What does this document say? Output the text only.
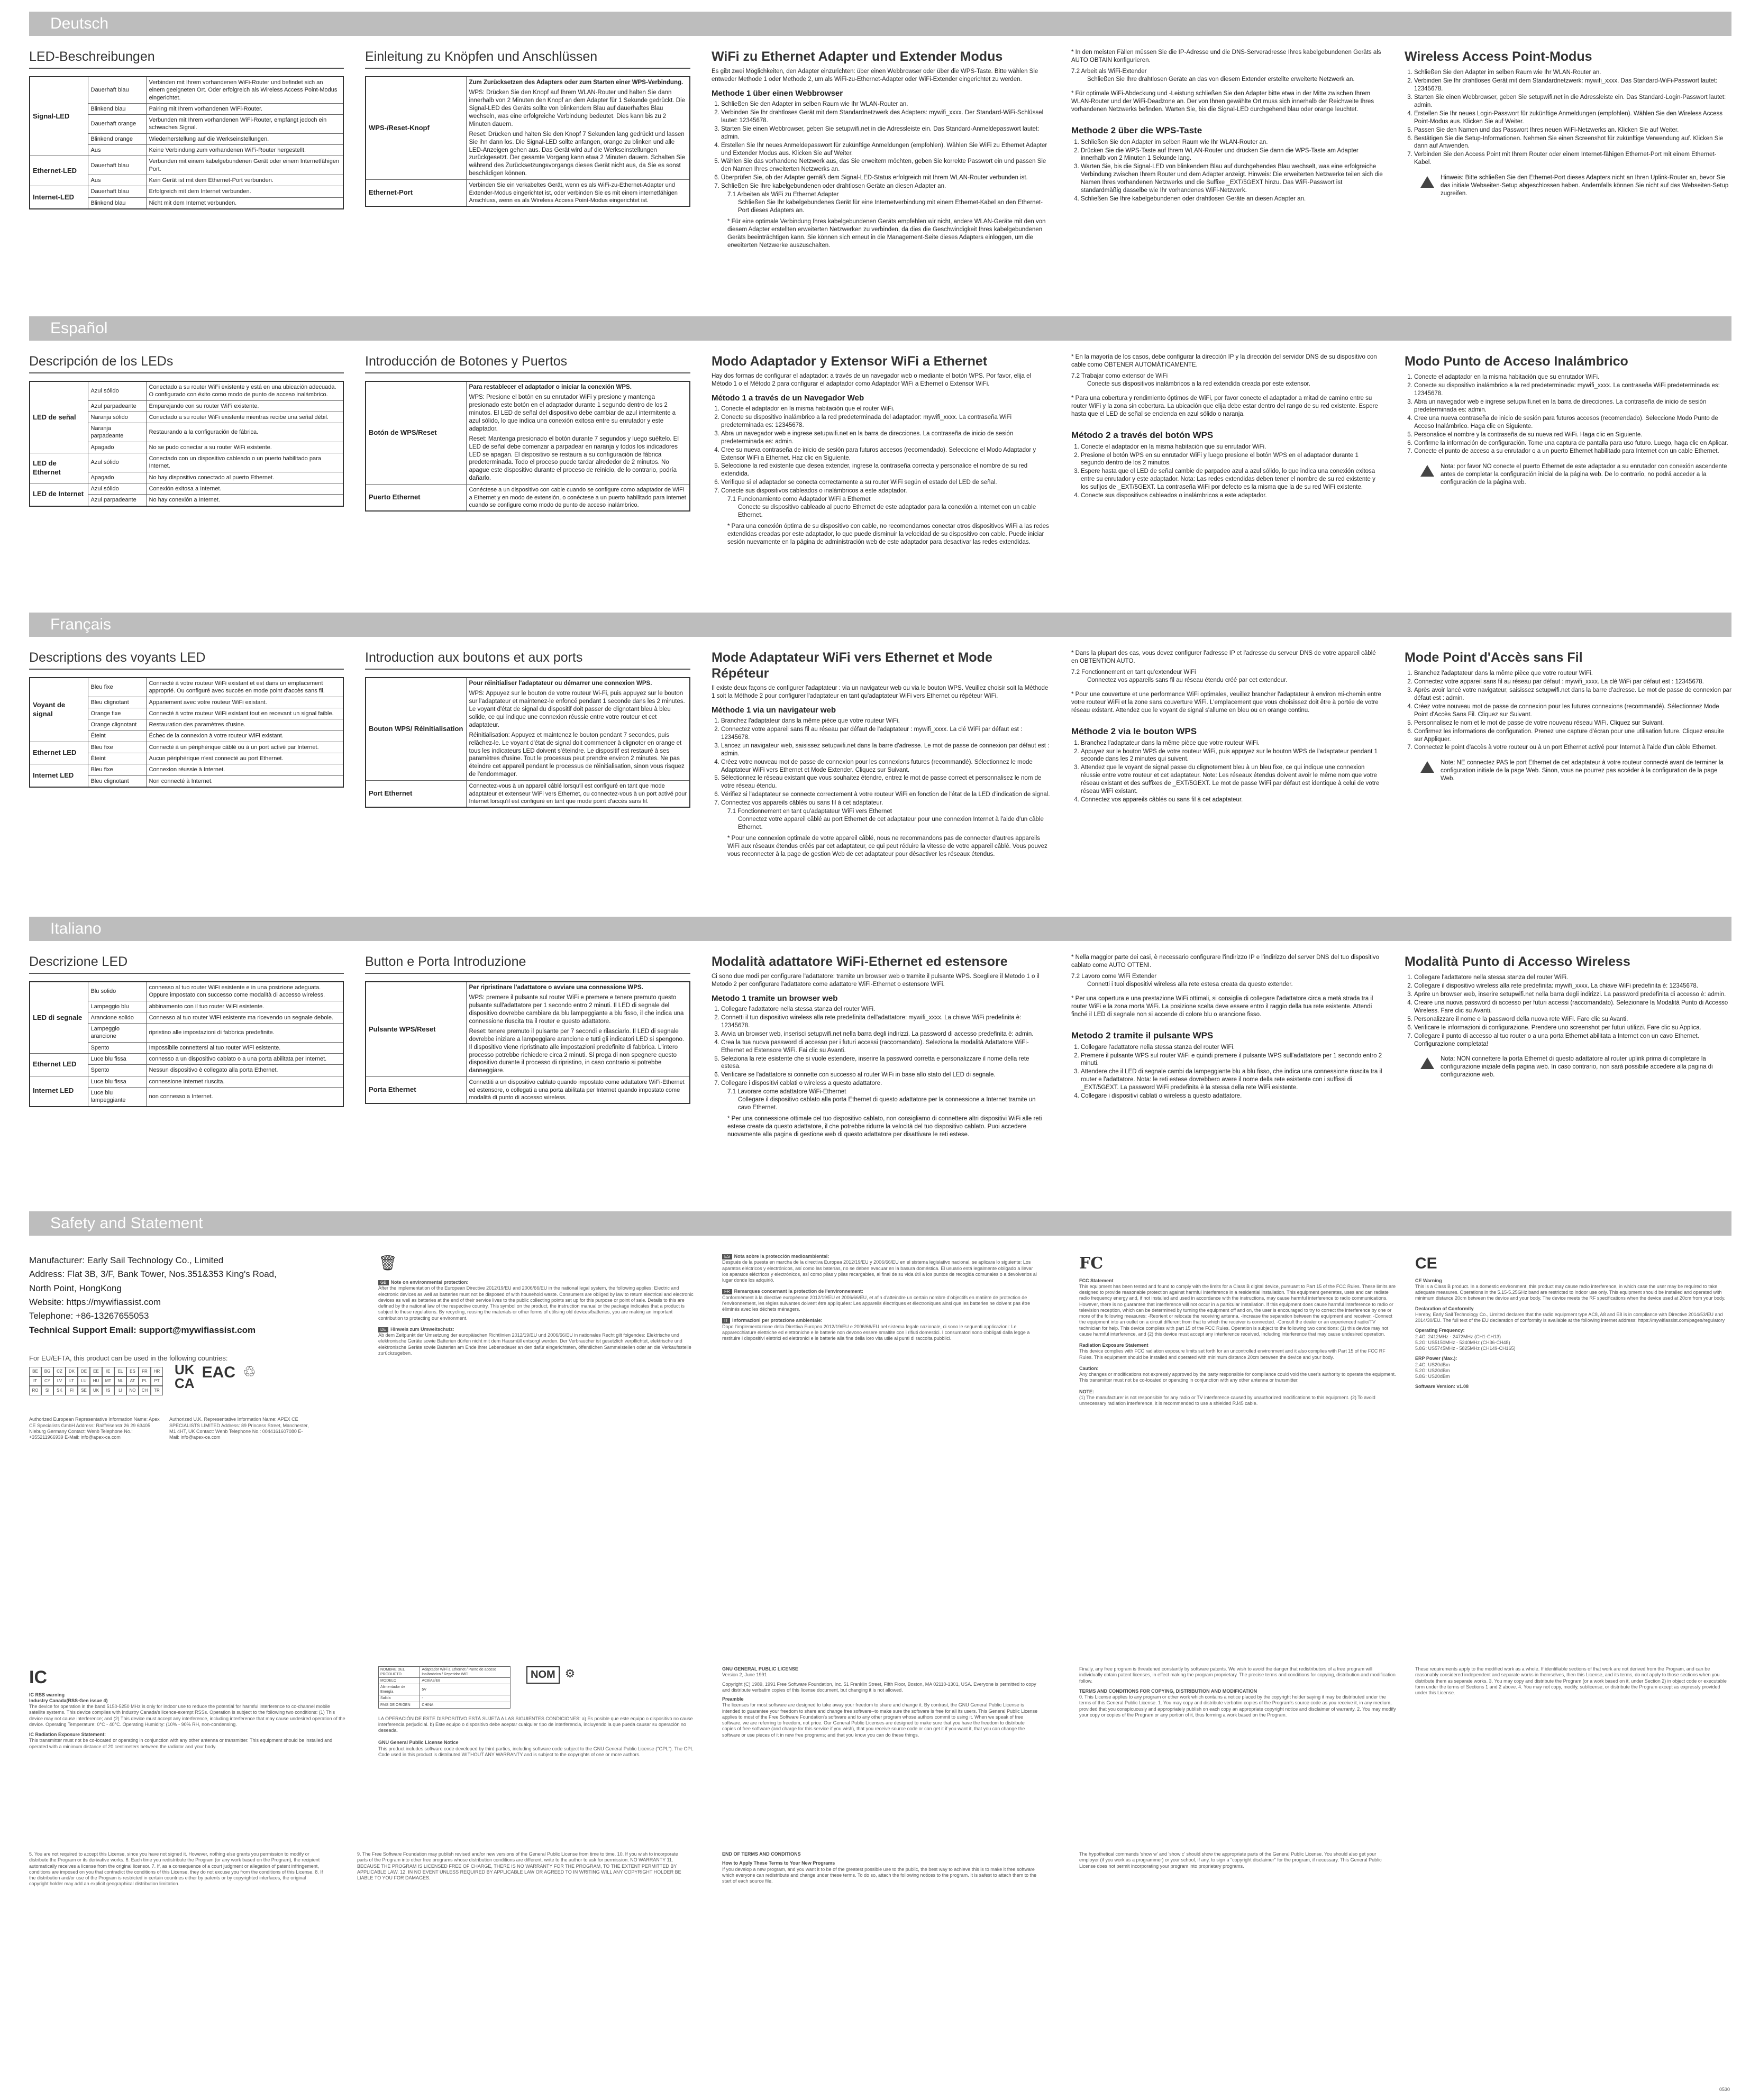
Deutsch
LED-Beschreibungen
Signal-LED	Dauerhaft blau	Verbinden mit Ihrem vorhandenen WiFi-Router und befindet sich an einem geeigneten Ort. Oder erfolgreich als Wireless Access Point-Modus eingerichtet.
	Blinkend blau	Pairing mit Ihrem vorhandenen WiFi-Router.
	Dauerhaft orange	Verbunden mit Ihrem vorhandenen WiFi-Router, empfängt jedoch ein schwaches Signal.
	Blinkend orange	Wiederherstellung auf die Werkseinstellungen.
	Aus	Keine Verbindung zum vorhandenen WiFi-Router hergestellt.
Ethernet-LED	Dauerhaft blau	Verbunden mit einem kabelgebundenen Gerät oder einem Internetfähigen Port.
	Aus	Kein Gerät ist mit dem Ethernet-Port verbunden.
Internet-LED	Dauerhaft blau	Erfolgreich mit dem Internet verbunden.
	Blinkend blau	Nicht mit dem Internet verbunden.
Einleitung zu Knöpfen und Anschlüssen
WPS-/Reset-Knopf	Zum Zurücksetzen des Adapters oder zum Starten einer WPS-Verbindung.

WPS: Drücken Sie den Knopf auf Ihrem WLAN-Router und halten Sie dann innerhalb von 2 Minuten den Knopf an dem Adapter für 1 Sekunde gedrückt. Die Signal-LED des Geräts sollte von blinkendem Blau auf dauerhaftes Blau wechseln, was eine erfolgreiche Verbindung bedeutet. Dies kann bis zu 2 Minuten dauern.

Reset: Drücken und halten Sie den Knopf 7 Sekunden lang gedrückt und lassen Sie ihn dann los. Die Signal-LED sollte anfangen, orange zu blinken und alle LED-Anzeigen gehen aus. Das Gerät wird auf die Werkseinstellungen zurückgesetzt. Der gesamte Vorgang kann etwa 2 Minuten dauern. Schalten Sie während des Zurücksetzungsvorgangs dieses Gerät nicht aus, da Sie es sonst beschädigen können.

Ethernet-Port	Verbinden Sie ein verkabeltes Gerät, wenn es als WiFi-zu-Ethernet-Adapter und Extender-Modus eingerichtet ist, oder verbinden Sie es mit einem internetfähigen Anschluss, wenn es als Wireless Access Point-Modus eingerichtet ist.
WiFi zu Ethernet Adapter und Extender Modus

Es gibt zwei Möglichkeiten, den Adapter einzurichten: über einen Webbrowser oder über die WPS-Taste. Bitte wählen Sie entweder Methode 1 oder Methode 2, um als WiFi-zu-Ethernet-Adapter oder WiFi-Extender eingerichtet zu werden.

Methode 1 über einen Webbrowser
1. Schließen Sie den Adapter im selben Raum wie Ihr WLAN-Router an.
2. Verbinden Sie Ihr drahtloses Gerät mit dem Standardnetzwerk des Adapters: mywifi_xxxx. Der Standard-WiFi-Schlüssel lautet: 12345678.
3. Starten Sie einen Webbrowser, geben Sie setupwifi.net in die Adressleiste ein. Das Standard-Anmeldepasswort lautet: admin.
4. Erstellen Sie Ihr neues Anmeldepasswort für zukünftige Anmeldungen (empfohlen). Wählen Sie WiFi zu Ethernet Adapter und Extender Modus aus. Klicken Sie auf Weiter.
5. Wählen Sie das vorhandene Netzwerk aus, das Sie erweitern möchten, geben Sie korrekte Passwort ein und passen Sie den Namen Ihres erweiterten Netzwerks an.
6. Überprüfen Sie, ob der Adapter gemäß dem Signal-LED-Status erfolgreich mit Ihrem WLAN-Router verbunden ist.
7. Schließen Sie Ihre kabelgebundenen oder drahtlosen Geräte an diesen Adapter an.

7.1 Arbeiten als WiFi zu Ethernet Adapter

Schließen Sie Ihr kabelgebundenes Gerät für eine Internetverbindung mit einem Ethernet-Kabel an den Ethernet-Port dieses Adapters an.

* Für eine optimale Verbindung Ihres kabelgebundenen Geräts empfehlen wir nicht, andere WLAN-Geräte mit den von diesem Adapter erstellten erweiterten Netzwerken zu verbinden, da dies die Geschwindigkeit Ihres kabelgebundenen Geräts beeinträchtigen kann. Sie können sich erneut in die Management-Seite dieses Adapters einloggen, um die erweiterten Netzwerke auszuschalten.

* In den meisten Fällen müssen Sie die IP-Adresse und die DNS-Serveradresse Ihres kabelgebundenen Geräts als AUTO OBTAIN konfigurieren.

7.2 Arbeit als WiFi-Extender

Schließen Sie Ihre drahtlosen Geräte an das von diesem Extender erstellte erweiterte Netzwerk an.

* Für optimale WiFi-Abdeckung und -Leistung schließen Sie den Adapter bitte etwa in der Mitte zwischen Ihrem WLAN-Router und der WiFi-Deadzone an. Der von Ihnen gewählte Ort muss sich innerhalb der Reichweite Ihres vorhandenen Netzwerks befinden. Warten Sie, bis die Signal-LED durchgehend blau oder orange leuchtet.

Methode 2 über die WPS-Taste
1. Schließen Sie den Adapter im selben Raum wie Ihr WLAN-Router an.
2. Drücken Sie die WPS-Taste auf Ihrem WLAN-Router und drücken Sie dann die WPS-Taste am Adapter innerhalb von 2 Minuten 1 Sekunde lang.
3. Warten Sie, bis die Signal-LED von blinkendem Blau auf durchgehendes Blau wechselt, was eine erfolgreiche Verbindung zwischen Ihrem Router und dem Adapter anzeigt. Hinweis: Die erweiterten Netzwerke teilen sich die Namen Ihres vorhandenen Netzwerks und die Suffixe _EXT/5GEXT hinzu. Das WiFi-Passwort ist standardmäßig dasselbe wie Ihr vorhandenes WiFi-Netzwerk.
4. Schließen Sie Ihre kabelgebundenen oder drahtlosen Geräte an diesen Adapter an.
Wireless Access Point-Modus
1. Schließen Sie den Adapter im selben Raum wie Ihr WLAN-Router an.
2. Verbinden Sie Ihr drahtloses Gerät mit dem Standardnetzwerk: mywifi_xxxx. Das Standard-WiFi-Passwort lautet: 12345678.
3. Starten Sie einen Webbrowser, geben Sie setupwifi.net in die Adressleiste ein. Das Standard-Login-Passwort lautet: admin.
4. Erstellen Sie Ihr neues Login-Passwort für zukünftige Anmeldungen (empfohlen). Wählen Sie den Wireless Access Point-Modus aus. Klicken Sie auf Weiter.
5. Passen Sie den Namen und das Passwort Ihres neuen WiFi-Netzwerks an. Klicken Sie auf Weiter.
6. Bestätigen Sie die Setup-Informationen. Nehmen Sie einen Screenshot für zukünftige Verwendung auf. Klicken Sie dann auf Anwenden.
7. Verbinden Sie den Access Point mit Ihrem Router oder einem Internet-fähigen Ethernet-Port mit einem Ethernet-Kabel.

Hinweis: Bitte schließen Sie den Ethernet-Port dieses Adapters nicht an Ihren Uplink-Router an, bevor Sie das initiale Webseiten-Setup abgeschlossen haben. Andernfalls können Sie nicht auf das Webseiten-Setup zugreifen.

Español
Descripción de los LEDs
LED de señal	Azul sólido	Conectado a su router WiFi existente y está en una ubicación adecuada. O configurado con éxito como modo de punto de acceso inalámbrico.
	Azul parpadeante	Emparejando con su router WiFi existente.
	Naranja sólido	Conectado a su router WiFi existente mientras recibe una señal débil.
	Naranja parpadeante	Restaurando a la configuración de fábrica.
	Apagado	No se pudo conectar a su router WiFi existente.
LED de Ethernet	Azul sólido	Conectado con un dispositivo cableado o un puerto habilitado para Internet.
	Apagado	No hay dispositivo conectado al puerto Ethernet.
LED de Internet	Azul sólido	Conexión exitosa a Internet.
	Azul parpadeante	No hay conexión a Internet.
Introducción de Botones y Puertos
Botón de WPS/Reset	Para restablecer el adaptador o iniciar la conexión WPS.

WPS: Presione el botón en su enrutador WiFi y presione y mantenga presionado este botón en el adaptador durante 1 segundo dentro de los 2 minutos. El LED de señal del dispositivo debe cambiar de azul intermitente a azul sólido, lo que indica una conexión exitosa entre su enrutador y este adaptador.

Reset: Mantenga presionado el botón durante 7 segundos y luego suéltelo. El LED de señal debe comenzar a parpadear en naranja y todos los indicadores LED se apagan. El dispositivo se restaura a su configuración de fábrica predeterminada. Todo el proceso puede tardar alrededor de 2 minutos. No apague este dispositivo durante el proceso de reinicio, de lo contrario, podría dañarlo.

Puerto Ethernet	Conéctese a un dispositivo con cable cuando se configure como adaptador de WiFi a Ethernet y en modo de extensión, o conéctese a un puerto habilitado para Internet cuando se configure como modo de punto de acceso inalámbrico.
Modo Adaptador y Extensor WiFi a Ethernet

Hay dos formas de configurar el adaptador: a través de un navegador web o mediante el botón WPS. Por favor, elija el Método 1 o el Método 2 para configurar el adaptador como Adaptador WiFi a Ethernet o Extensor WiFi.

Método 1 a través de un Navegador Web
1. Conecte el adaptador en la misma habitación que el router WiFi.
2. Conecte su dispositivo inalámbrico a la red predeterminada del adaptador: mywifi_xxxx. La contraseña WiFi predeterminada es: 12345678.
3. Abra un navegador web e ingrese setupwifi.net en la barra de direcciones. La contraseña de inicio de sesión predeterminada es: admin.
4. Cree su nueva contraseña de inicio de sesión para futuros accesos (recomendado). Seleccione el Modo Adaptador y Extensor WiFi a Ethernet. Haz clic en Siguiente.
5. Seleccione la red existente que desea extender, ingrese la contraseña correcta y personalice el nombre de su red extendida.
6. Verifique si el adaptador se conecta correctamente a su router WiFi según el estado del LED de señal.
7. Conecte sus dispositivos cableados o inalámbricos a este adaptador.

7.1 Funcionamiento como Adaptador WiFi a Ethernet

Conecte su dispositivo cableado al puerto Ethernet de este adaptador para la conexión a Internet con un cable Ethernet.

* Para una conexión óptima de su dispositivo con cable, no recomendamos conectar otros dispositivos WiFi a las redes extendidas creadas por este adaptador, lo que puede disminuir la velocidad de su dispositivo con cable. Puede iniciar sesión nuevamente en la página de administración web de este adaptador para desactivar las redes extendidas.

* En la mayoría de los casos, debe configurar la dirección IP y la dirección del servidor DNS de su dispositivo con cable como OBTENER AUTOMÁTICAMENTE.

7.2 Trabajar como extensor de WiFi

Conecte sus dispositivos inalámbricos a la red extendida creada por este extensor.

* Para una cobertura y rendimiento óptimos de WiFi, por favor conecte el adaptador a mitad de camino entre su router WiFi y la zona sin cobertura. La ubicación que elija debe estar dentro del rango de su red existente. Espere hasta que el LED de señal se encienda en azul sólido o naranja.

Método 2 a través del botón WPS
1. Conecte el adaptador en la misma habitación que su enrutador WiFi.
2. Presione el botón WPS en su enrutador WiFi y luego presione el botón WPS en el adaptador durante 1 segundo dentro de los 2 minutos.
3. Espere hasta que el LED de señal cambie de parpadeo azul a azul sólido, lo que indica una conexión exitosa entre su enrutador y este adaptador. Nota: Las redes extendidas deben tener el nombre de su red existente y los sufijos de _EXT/5GEXT. La contraseña WiFi por defecto es la misma que la de su red WiFi existente.
4. Conecte sus dispositivos cableados o inalámbricos a este adaptador.
Modo Punto de Acceso Inalámbrico
1. Conecte el adaptador en la misma habitación que su enrutador WiFi.
2. Conecte su dispositivo inalámbrico a la red predeterminada: mywifi_xxxx. La contraseña WiFi predeterminada es: 12345678.
3. Abra un navegador web e ingrese setupwifi.net en la barra de direcciones. La contraseña de inicio de sesión predeterminada es: admin.
4. Cree una nueva contraseña de inicio de sesión para futuros accesos (recomendado). Seleccione Modo Punto de Acceso Inalámbrico. Haga clic en Siguiente.
5. Personalice el nombre y la contraseña de su nueva red WiFi. Haga clic en Siguiente.
6. Confirme la información de configuración. Tome una captura de pantalla para uso futuro. Luego, haga clic en Aplicar.
7. Conecte el punto de acceso a su enrutador o a un puerto Ethernet habilitado para Internet con un cable Ethernet.

Nota: por favor NO conecte el puerto Ethernet de este adaptador a su enrutador con conexión ascendente antes de completar la configuración inicial de la página web. De lo contrario, no podrá acceder a la configuración de la página web.

Français
Descriptions des voyants LED
Voyant de signal	Bleu fixe	Connecté à votre routeur WiFi existant et est dans un emplacement approprié. Ou configuré avec succès en mode point d'accès sans fil.
	Bleu clignotant	Appariement avec votre routeur WiFi existant.
	Orange fixe	Connecté à votre routeur WiFi existant tout en recevant un signal faible.
	Orange clignotant	Restauration des paramètres d'usine.
	Éteint	Échec de la connexion à votre routeur WiFi existant.
Ethernet LED	Bleu fixe	Connecté à un périphérique câblé ou à un port activé par Internet.
	Éteint	Aucun périphérique n'est connecté au port Ethernet.
Internet LED	Bleu fixe	Connexion réussie à Internet.
	Bleu clignotant	Non connecté à Internet.
Introduction aux boutons et aux ports
Bouton WPS/ Réinitialisation	Pour réinitialiser l'adaptateur ou démarrer une connexion WPS.

WPS: Appuyez sur le bouton de votre routeur Wi-Fi, puis appuyez sur le bouton sur l'adaptateur et maintenez-le enfoncé pendant 1 seconde dans les 2 minutes. Le voyant d'état de signal du dispositif doit passer de clignotant bleu à bleu solide, ce qui indique une connexion réussie entre votre routeur et cet adaptateur.

Réinitialisation: Appuyez et maintenez le bouton pendant 7 secondes, puis relâchez-le. Le voyant d'état de signal doit commencer à clignoter en orange et tous les indicateurs LED doivent s'éteindre. Le dispositif est restauré à ses paramètres d'usine. Tout le processus peut prendre environ 2 minutes. Ne pas éteindre cet appareil pendant le processus de réinitialisation, sinon vous risquez de l'endommager.

Port Ethernet	Connectez-vous à un appareil câblé lorsqu'il est configuré en tant que mode adaptateur et extenseur WiFi vers Ethernet, ou connectez-vous à un port activé pour Internet lorsqu'il est configuré en tant que mode point d'accès sans fil.
Mode Adaptateur WiFi vers Ethernet et Mode Répéteur

Il existe deux façons de configurer l'adaptateur : via un navigateur web ou via le bouton WPS. Veuillez choisir soit la Méthode 1 soit la Méthode 2 pour configurer l'adaptateur en tant qu'adaptateur WiFi vers Ethernet ou répéteur WiFi.

Méthode 1 via un navigateur web
1. Branchez l'adaptateur dans la même pièce que votre routeur WiFi.
2. Connectez votre appareil sans fil au réseau par défaut de l'adaptateur : mywifi_xxxx. La clé WiFi par défaut est : 12345678.
3. Lancez un navigateur web, saisissez setupwifi.net dans la barre d'adresse. Le mot de passe de connexion par défaut est : admin.
4. Créez votre nouveau mot de passe de connexion pour les connexions futures (recommandé). Sélectionnez le mode Adaptateur WiFi vers Ethernet et Mode Extender. Cliquez sur Suivant.
5. Sélectionnez le réseau existant que vous souhaitez étendre, entrez le mot de passe correct et personnalisez le nom de votre réseau étendu.
6. Vérifiez si l'adaptateur se connecte correctement à votre routeur WiFi en fonction de l'état de la LED d'indication de signal.
7. Connectez vos appareils câblés ou sans fil à cet adaptateur.

7.1 Fonctionnement en tant qu'adaptateur WiFi vers Ethernet

Connectez votre appareil câblé au port Ethernet de cet adaptateur pour une connexion Internet à l'aide d'un câble Ethernet.

* Pour une connexion optimale de votre appareil câblé, nous ne recommandons pas de connecter d'autres appareils WiFi aux réseaux étendus créés par cet adaptateur, ce qui peut réduire la vitesse de votre appareil câblé. Vous pouvez vous reconnecter à la page de gestion Web de cet adaptateur pour désactiver les réseaux étendus.

* Dans la plupart des cas, vous devez configurer l'adresse IP et l'adresse du serveur DNS de votre appareil câblé en OBTENTION AUTO.

7.2 Fonctionnement en tant qu'extendeur WiFi

Connectez vos appareils sans fil au réseau étendu créé par cet extendeur.

* Pour une couverture et une performance WiFi optimales, veuillez brancher l'adaptateur à environ mi-chemin entre votre routeur WiFi et la zone sans couverture WiFi. L'emplacement que vous choisissez doit être à portée de votre réseau existant. Attendez que le voyant de signal s'allume en bleu ou en orange continu.

Méthode 2 via le bouton WPS
1. Branchez l'adaptateur dans la même pièce que votre routeur WiFi.
2. Appuyez sur le bouton WPS de votre routeur WiFi, puis appuyez sur le bouton WPS de l'adaptateur pendant 1 seconde dans les 2 minutes qui suivent.
3. Attendez que le voyant de signal passe du clignotement bleu à un bleu fixe, ce qui indique une connexion réussie entre votre routeur et cet adaptateur. Note: Les réseaux étendus doivent avoir le même nom que votre réseau existant et des suffixes de _EXT/5GEXT. Le mot de passe WiFi par défaut est identique à celui de votre réseau WiFi existant.
4. Connectez vos appareils câblés ou sans fil à cet adaptateur.
Mode Point d'Accès sans Fil
1. Branchez l'adaptateur dans la même pièce que votre routeur WiFi.
2. Connectez votre appareil sans fil au réseau par défaut : mywifi_xxxx. La clé WiFi par défaut est : 12345678.
3. Après avoir lancé votre navigateur, saisissez setupwifi.net dans la barre d'adresse. Le mot de passe de connexion par défaut est : admin.
4. Créez votre nouveau mot de passe de connexion pour les futures connexions (recommandé). Sélectionnez Mode Point d'Accès Sans Fil. Cliquez sur Suivant.
5. Personnalisez le nom et le mot de passe de votre nouveau réseau WiFi. Cliquez sur Suivant.
6. Confirmez les informations de configuration. Prenez une capture d'écran pour une utilisation future. Cliquez ensuite sur Appliquer.
7. Connectez le point d'accès à votre routeur ou à un port Ethernet activé pour Internet à l'aide d'un câble Ethernet.

Note: NE connectez PAS le port Ethernet de cet adaptateur à votre routeur connecté avant de terminer la configuration initiale de la page Web. Sinon, vous ne pourrez pas accéder à la configuration de la page Web.

Italiano
Descrizione LED
LED di segnale	Blu solido	connesso al tuo router WiFi esistente e in una posizione adeguata. Oppure impostato con successo come modalità di accesso wireless.
	Lampeggio blu	abbinamento con il tuo router WiFi esistente.
	Arancione solido	Connesso al tuo router WiFi esistente ma ricevendo un segnale debole.
	Lampeggio arancione	ripristino alle impostazioni di fabbrica predefinite.
	Spento	Impossibile connettersi al tuo router WiFi esistente.
Ethernet LED	Luce blu fissa	connesso a un dispositivo cablato o a una porta abilitata per Internet.
	Spento	Nessun dispositivo è collegato alla porta Ethernet.
Internet LED	Luce blu fissa	connessione Internet riuscita.
	Luce blu lampeggiante	non connesso a Internet.
Button e Porta Introduzione
Pulsante WPS/Reset	Per ripristinare l'adattatore o avviare una connessione WPS.

WPS: premere il pulsante sul router WiFi e premere e tenere premuto questo pulsante sull'adattatore per 1 secondo entro 2 minuti. Il LED di segnale del dispositivo dovrebbe cambiare da blu lampeggiante a blu fisso, il che indica una connessione riuscita tra il router e questo adattatore.

Reset: tenere premuto il pulsante per 7 secondi e rilasciarlo. Il LED di segnale dovrebbe iniziare a lampeggiare arancione e tutti gli indicatori LED si spengono. Il dispositivo viene ripristinato alle impostazioni predefinite di fabbrica. L'intero processo potrebbe richiedere circa 2 minuti. Si prega di non spegnere questo dispositivo durante il processo di ripristino, in caso contrario si potrebbe danneggiare.

Porta Ethernet	Connettiti a un dispositivo cablato quando impostato come adattatore WiFi-Ethernet ed estensore, o collegati a una porta abilitata per Internet quando impostato come modalità di punto di accesso wireless.
Modalità adattatore WiFi-Ethernet ed estensore

Ci sono due modi per configurare l'adattatore: tramite un browser web o tramite il pulsante WPS. Scegliere il Metodo 1 o il Metodo 2 per configurare l'adattatore come adattatore WiFi-Ethernet o estensore WiFi.

Metodo 1 tramite un browser web
1. Collegare l'adattatore nella stessa stanza del router WiFi.
2. Connetti il tuo dispositivo wireless alla rete predefinita dell'adattatore: mywifi_xxxx. La chiave WiFi predefinita è: 12345678.
3. Avvia un browser web, inserisci setupwifi.net nella barra degli indirizzi. La password di accesso predefinita è: admin.
4. Crea la tua nuova password di accesso per i futuri accessi (raccomandato). Seleziona la modalità Adattatore WiFi-Ethernet ed Estensore WiFi. Fai clic su Avanti.
5. Seleziona la rete esistente che si vuole estendere, inserire la password corretta e personalizzare il nome della rete estesa.
6. Verificare se l'adattatore si connette con successo al router WiFi in base allo stato del LED di segnale.
7. Collegare i dispositivi cablati o wireless a questo adattatore.

7.1 Lavorare come adattatore WiFi-Ethernet

Collegare il dispositivo cablato alla porta Ethernet di questo adattatore per la connessione a Internet tramite un cavo Ethernet.

* Per una connessione ottimale del tuo dispositivo cablato, non consigliamo di connettere altri dispositivi WiFi alle reti estese create da questo adattatore, il che potrebbe ridurre la velocità del tuo dispositivo cablato. Puoi accedere nuovamente alla pagina di gestione web di questo adattatore per disattivare le reti estese.

* Nella maggior parte dei casi, è necessario configurare l'indirizzo IP e l'indirizzo del server DNS del tuo dispositivo cablato come AUTO OTTENI.

7.2 Lavoro come WiFi Extender

Connetti i tuoi dispositivi wireless alla rete estesa creata da questo extender.

* Per una copertura e una prestazione WiFi ottimali, si consiglia di collegare l'adattatore circa a metà strada tra il router WiFi e la zona morta WiFi. La posizione scelta deve essere entro il raggio della tua rete esistente. Attendi finché il LED di segnale non si accende di colore blu o arancione fisso.

Metodo 2 tramite il pulsante WPS
1. Collegare l'adattatore nella stessa stanza del router WiFi.
2. Premere il pulsante WPS sul router WiFi e quindi premere il pulsante WPS sull'adattatore per 1 secondo entro 2 minuti.
3. Attendere che il LED di segnale cambi da lampeggiante blu a blu fisso, che indica una connessione riuscita tra il router e l'adattatore. Nota: le reti estese dovrebbero avere il nome della rete esistente con i suffissi di _EXT/5GEXT. La password WiFi predefinita è la stessa della rete WiFi esistente.
4. Collegare i dispositivi cablati o wireless a questo adattatore.
Modalità Punto di Accesso Wireless
1. Collegare l'adattatore nella stessa stanza del router WiFi.
2. Collegare il dispositivo wireless alla rete predefinita: mywifi_xxxx. La chiave WiFi predefinita è: 12345678.
3. Aprire un browser web, inserire setupwifi.net nella barra degli indirizzi. La password predefinita di accesso è: admin.
4. Creare una nuova password di accesso per futuri accessi (raccomandato). Selezionare la Modalità Punto di Accesso Wireless. Fare clic su Avanti.
5. Personalizzare il nome e la password della nuova rete WiFi. Fare clic su Avanti.
6. Verificare le informazioni di configurazione. Prendere uno screenshot per futuri utilizzi. Fare clic su Applica.
7. Collegare il punto di accesso al tuo router o a una porta Ethernet abilitata a Internet con un cavo Ethernet. Configurazione completata!

Nota: NON connettere la porta Ethernet di questo adattatore al router uplink prima di completare la configurazione iniziale della pagina web. In caso contrario, non sarà possibile accedere alla pagina di configurazione web.

Safety and Statement

Manufacturer: Early Sail Technology Co., Limited

Address: Flat 3B, 3/F, Bank Tower, Nos.351&353 King's Road,

North Point, HongKong

Website: https://mywifiassist.com

Telephone: +86-13267655053

Technical Support Email: support@mywifiassist.com

For EU/EFTA, this product can be used in the following countries:

BE	BG	CZ	DK	DE	EE	IE	EL	ES	FR	HR
IT	CY	LV	LT	LU	HU	MT	NL	AT	PL	PT
RO	SI	SK	FI	SE	UK	IS	LI	NO	CH	TR
UK
CA
EAC ♲

Authorized European Representative Information Name: Apex CE Specialists GmbH Address: Raiffeisenstr 26 29 63405 Nieburg Germany Contact: Wenb Telephone No.: +355211966939 E-Mail: info@apex-ce.com

Authorized U.K. Representative Information Name: APEX CE SPECIALISTS LIMITED Address: 89 Princess Street, Manchester, M1 4HT, UK Contact: Wenb Telephone No.: 0044161607080 E-Mail: info@apex-ce.com

🗑

GB Note on environmental protection:

After the implementation of the European Directive 2012/19/EU and 2006/66/EU in the national legal system, the following applies: Electric and electronic devices as well as batteries must not be disposed of with household waste. Consumers are obliged by law to return electrical and electronic devices as well as batteries at the end of their service lives to the public collecting points set up for this purpose or point of sale. Details to this are defined by the national law of the respective country. This symbol on the product, the instruction manual or the package indicates that a product is subject to these regulations. By recycling, reusing the materials or other forms of utilising old devices/batteries, you are making an important contribution to protecting our environment.

DE Hinweis zum Umweltschutz:

Ab dem Zeitpunkt der Umsetzung der europäischen Richtlinien 2012/19/EU und 2006/66/EU in nationales Recht gilt folgendes: Elektrische und elektronische Geräte sowie Batterien dürfen nicht mit dem Hausmüll entsorgt werden. Der Verbraucher ist gesetzlich verpflichtet, elektrische und elektronische Geräte sowie Batterien am Ende ihrer Lebensdauer an den dafür eingerichteten, öffentlichen Sammelstellen oder an die Verkaufsstelle zurückzugeben.

ES Nota sobre la protección medioambiental:

Después de la puesta en marcha de la directiva Europea 2012/19/EU y 2006/66/EU en el sistema legislativo nacional, se aplicara lo siguiente: Los aparatos eléctricos y electrónicos, así como las baterías, no se deben evacuar en la basura doméstica. El usuario está legalmente obligado a llevar los aparatos eléctricos y electrónicos, así como pilas y pilas recargables, al final de su vida útil a los puntos de recogida comunales o a devolverlos al lugar donde los adquirió.

FR Remarques concernant la protection de l'environnement:

Conformément à la directive européenne 2012/19/EU et 2006/66/EU, et afin d'atteindre un certain nombre d'objectifs en matière de protection de l'environnement, les règles suivantes doivent être appliquées: Les appareils électriques et électroniques ainsi que les batteries ne doivent pas être éliminés avec les déchets ménagers.

IT Informazioni per protezione ambientale:

Dopo l'implementazione della Direttiva Europea 2012/19/EU e 2006/66/EU nel sistema legale nazionale, ci sono le seguenti applicazioni: Le apparecchiature elettriche ed elettroniche e le batterie non devono essere smaltite con i rifiuti domestici. I consumatori sono obbligati dalla legge a restituire i dispositivi elettrici ed elettronici e le batterie alla fine della loro vita utile ai punti di raccolta pubblici.

FC

FCC Statement

This equipment has been tested and found to comply with the limits for a Class B digital device, pursuant to Part 15 of the FCC Rules. These limits are designed to provide reasonable protection against harmful interference in a residential installation. This equipment generates, uses and can radiate radio frequency energy and, if not installed and used in accordance with the instructions, may cause harmful interference to radio communications. However, there is no guarantee that interference will not occur in a particular installation. If this equipment does cause harmful interference to radio or television reception, which can be determined by turning the equipment off and on, the user is encouraged to try to correct the interference by one or more of the following measures: -Reorient or relocate the receiving antenna. -Increase the separation between the equipment and receiver. -Connect the equipment into an outlet on a circuit different from that to which the receiver is connected. -Consult the dealer or an experienced radio/TV technician for help. This device complies with part 15 of the FCC Rules. Operation is subject to the following two conditions: (1) this device may not cause harmful interference, and (2) this device must accept any interference received, including interference that may cause undesired operation.

Radiation Exposure Statement

This device complies with FCC radiation exposure limits set forth for an uncontrolled environment and it also complies with Part 15 of the FCC RF Rules. This equipment should be installed and operated with minimum distance 20cm between the device and your body.

Caution:

Any changes or modifications not expressly approved by the party responsible for compliance could void the user's authority to operate the equipment. This transmitter must not be co-located or operating in conjunction with any other antenna or transmitter.

NOTE:

(1) The manufacturer is not responsible for any radio or TV interference caused by unauthorized modifications to this equipment. (2) To avoid unnecessary radiation interference, it is recommended to use a shielded RJ45 cable.

CE

CE Warning

This is a Class B product. In a domestic environment, this product may cause radio interference, in which case the user may be required to take adequate measures. Operations in the 5.15-5.25GHz band are restricted to indoor use only. This equipment should be installed and operated with minimum distance 20cm between the device and your body. The device meets the RF specifications when the device used at 20cm from your body.

Declaration of Conformity

Hereby, Early Sail Technology Co., Limited declares that the radio equipment type AC8, A8 and E8 is in compliance with Directive 2014/53/EU and 2014/30/EU. The full text of the EU declaration of conformity is available at the following internet address: https://mywifiassist.com/pages/regulatory

Operating Frequency:

2.4G: 2412MHz - 2472MHz (CH1-CH13)

5.2G: US5150MHz - 5240MHz (CH36-CH48)

5.8G: US5745MHz - 5825MHz (CH149-CH165)

ERP Power (Max.):

2.4G: US20dBm

5.2G: US20dBm

5.8G: US20dBm

Software Version: v1.08

IC

IC RSS warning

Industry Canada(RSS-Gen issue 4)

The device for operation in the band 5150-5250 MHz is only for indoor use to reduce the potential for harmful interference to co-channel mobile satellite systems. This device complies with Industry Canada's licence-exempt RSSs. Operation is subject to the following two conditions: (1) This device may not cause interference; and (2) This device must accept any interference, including interference that may cause undesired operation of the device. Operating Temperature: 0°C - 40°C. Operating Humidity: (10% - 90% RH, non-condensing.

IC Radiation Exposure Statement:

This transmitter must not be co-located or operating in conjunction with any other antenna or transmitter. This equipment should be installed and operated with a minimum distance of 20 centimeters between the radiator and your body.

NOMBRE DEL PRODUCTO	Adaptador WiFi a Ethernet / Punto de acceso inalámbrico / Repetidor WiFi
MODELO	AC8/A8/E8
Alimentador de Energía	5V
Salida	-
PAIS DE ORIGEN	CHINA
NOM ⚙

LA OPERACIÓN DE ESTE DISPOSITIVO ESTÁ SUJETA A LAS SIGUIENTES CONDICIONES: a) Es posible que este equipo o dispositivo no cause interferencia perjudicial. b) Este equipo o dispositivo debe aceptar cualquier tipo de interferencia, incluyendo la que pueda causar su operación no deseada.

GNU General Public License Notice

This product includes software code developed by third parties, including software code subject to the GNU General Public License ("GPL"). The GPL Code used in this product is distributed WITHOUT ANY WARRANTY and is subject to the copyrights of one or more authors.

GNU GENERAL PUBLIC LICENSE

Version 2, June 1991

Copyright (C) 1989, 1991 Free Software Foundation, Inc. 51 Franklin Street, Fifth Floor, Boston, MA 02110-1301, USA. Everyone is permitted to copy and distribute verbatim copies of this license document, but changing it is not allowed.

Preamble

The licenses for most software are designed to take away your freedom to share and change it. By contrast, the GNU General Public License is intended to guarantee your freedom to share and change free software--to make sure the software is free for all its users. This General Public License applies to most of the Free Software Foundation's software and to any other program whose authors commit to using it. When we speak of free software, we are referring to freedom, not price. Our General Public Licenses are designed to make sure that you have the freedom to distribute copies of free software (and charge for this service if you wish), that you receive source code or can get it if you want it, that you can change the software or use pieces of it in new free programs; and that you know you can do these things.

Finally, any free program is threatened constantly by software patents. We wish to avoid the danger that redistributors of a free program will individually obtain patent licenses, in effect making the program proprietary. The precise terms and conditions for copying, distribution and modification follow.

TERMS AND CONDITIONS FOR COPYING, DISTRIBUTION AND MODIFICATION

0. This License applies to any program or other work which contains a notice placed by the copyright holder saying it may be distributed under the terms of this General Public License. 1. You may copy and distribute verbatim copies of the Program's source code as you receive it, in any medium, provided that you conspicuously and appropriately publish on each copy an appropriate copyright notice and disclaimer of warranty. 2. You may modify your copy or copies of the Program or any portion of it, thus forming a work based on the Program.

These requirements apply to the modified work as a whole. If identifiable sections of that work are not derived from the Program, and can be reasonably considered independent and separate works in themselves, then this License, and its terms, do not apply to those sections when you distribute them as separate works. 3. You may copy and distribute the Program (or a work based on it, under Section 2) in object code or executable form under the terms of Sections 1 and 2 above. 4. You may not copy, modify, sublicense, or distribute the Program except as expressly provided under this License.

5. You are not required to accept this License, since you have not signed it. However, nothing else grants you permission to modify or distribute the Program or its derivative works. 6. Each time you redistribute the Program (or any work based on the Program), the recipient automatically receives a license from the original licensor. 7. If, as a consequence of a court judgment or allegation of patent infringement, conditions are imposed on you that contradict the conditions of this License, they do not excuse you from the conditions of this License. 8. If the distribution and/or use of the Program is restricted in certain countries either by patents or by copyrighted interfaces, the original copyright holder may add an explicit geographical distribution limitation.

9. The Free Software Foundation may publish revised and/or new versions of the General Public License from time to time. 10. If you wish to incorporate parts of the Program into other free programs whose distribution conditions are different, write to the author to ask for permission. NO WARRANTY 11. BECAUSE THE PROGRAM IS LICENSED FREE OF CHARGE, THERE IS NO WARRANTY FOR THE PROGRAM, TO THE EXTENT PERMITTED BY APPLICABLE LAW. 12. IN NO EVENT UNLESS REQUIRED BY APPLICABLE LAW OR AGREED TO IN WRITING WILL ANY COPYRIGHT HOLDER BE LIABLE TO YOU FOR DAMAGES.

END OF TERMS AND CONDITIONS

How to Apply These Terms to Your New Programs

If you develop a new program, and you want it to be of the greatest possible use to the public, the best way to achieve this is to make it free software which everyone can redistribute and change under these terms. To do so, attach the following notices to the program. It is safest to attach them to the start of each source file.

The hypothetical commands 'show w' and 'show c' should show the appropriate parts of the General Public License. You should also get your employer (if you work as a programmer) or your school, if any, to sign a "copyright disclaimer" for the program, if necessary. This General Public License does not permit incorporating your program into proprietary programs.

0530
